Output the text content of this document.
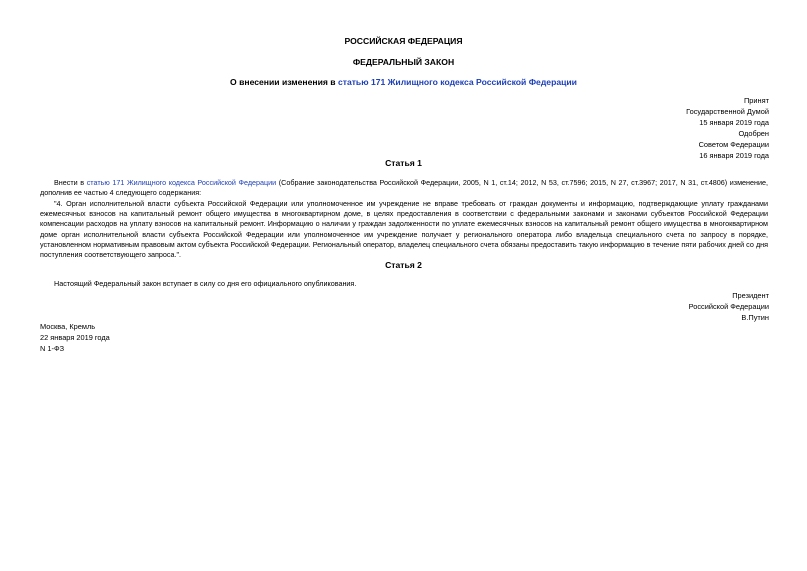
РОССИЙСКАЯ ФЕДЕРАЦИЯ
ФЕДЕРАЛЬНЫЙ ЗАКОН
О внесении изменения в статью 171 Жилищного кодекса Российской Федерации
Принят
Государственной Думой
15 января 2019 года
Одобрен
Советом Федерации
16 января 2019 года
Статья 1
Внести в статью 171 Жилищного кодекса Российской Федерации (Собрание законодательства Российской Федерации, 2005, N 1, ст.14; 2012, N 53, ст.7596; 2015, N 27, ст.3967; 2017, N 31, ст.4806) изменение, дополнив ее частью 4 следующего содержания:
"4. Орган исполнительной власти субъекта Российской Федерации или уполномоченное им учреждение не вправе требовать от граждан документы и информацию, подтверждающие уплату гражданами ежемесячных взносов на капитальный ремонт общего имущества в многоквартирном доме, в целях предоставления в соответствии с федеральными законами и законами субъектов Российской Федерации компенсации расходов на уплату взносов на капитальный ремонт. Информацию о наличии у граждан задолженности по уплате ежемесячных взносов на капитальный ремонт общего имущества в многоквартирном доме орган исполнительной власти субъекта Российской Федерации или уполномоченное им учреждение получает у регионального оператора либо владельца специального счета по запросу в порядке, установленном нормативным правовым актом субъекта Российской Федерации. Региональный оператор, владелец специального счета обязаны предоставить такую информацию в течение пяти рабочих дней со дня поступления соответствующего запроса.".
Статья 2
Настоящий Федеральный закон вступает в силу со дня его официального опубликования.
Президент
Российской Федерации
В.Путин
Москва, Кремль
22 января 2019 года
N 1-ФЗ
